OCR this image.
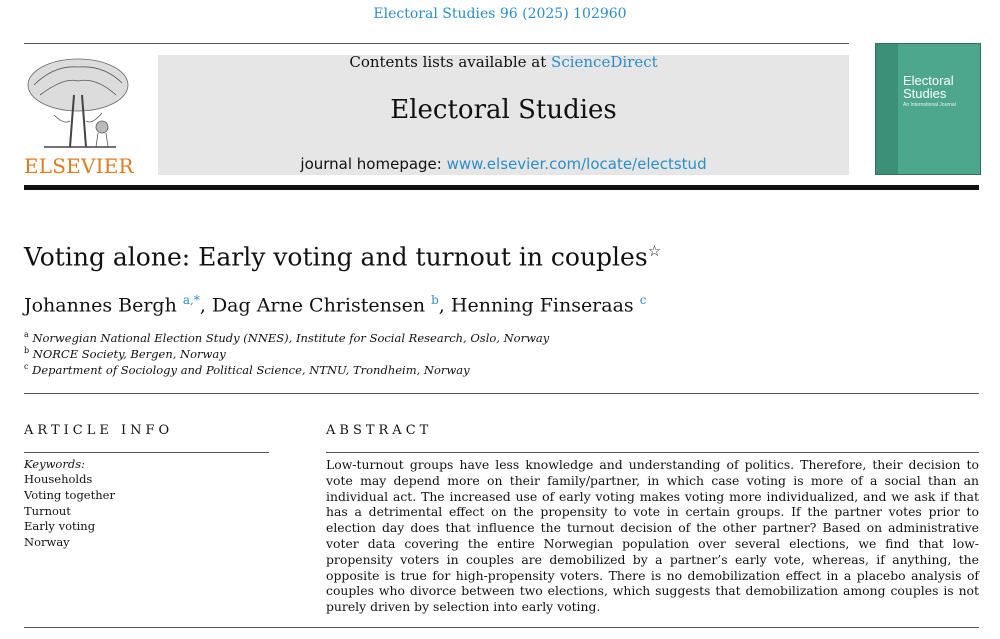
Electoral Studies 96 (2025) 102960
ELSEVIER
Contents lists available at ScienceDirect
Electoral Studies
journal homepage: www.elsevier.com/locate/electstud
Electoral
Studies
An International Journal
Voting alone: Early voting and turnout in couples☆
Johannes Bergh $^{a,*}$, Dag Arne Christensen $^b$, Henning Finseraas $^c$
$^a$ Norwegian National Election Study (NNES), Institute for Social Research, Oslo, Norway
$^b$ NORCE Society, Bergen, Norway
$^c$ Department of Sociology and Political Science, NTNU, Trondheim, Norway
ARTICLE INFO	ABSTRACT
Keywords:
Households
Voting together
Turnout
Early voting
Norway

Low-turnout groups have less knowledge and understanding of politics. Therefore, their decision to vote may depend more on their family/partner, in which case voting is more of a social than an individual act. The increased use of early voting makes voting more individualized, and we ask if that has a detrimental effect on the propensity to vote in certain groups. If the partner votes prior to election day does that influence the turnout decision of the other partner? Based on administrative voter data covering the entire Norwegian population over several elections, we find that low-propensity voters in couples are demobilized by a partner’s early vote, whereas, if anything, the opposite is true for high-propensity voters. There is no demobilization effect in a placebo analysis of couples who divorce between two elections, which suggests that demobilization among couples is not purely driven by selection into early voting.
